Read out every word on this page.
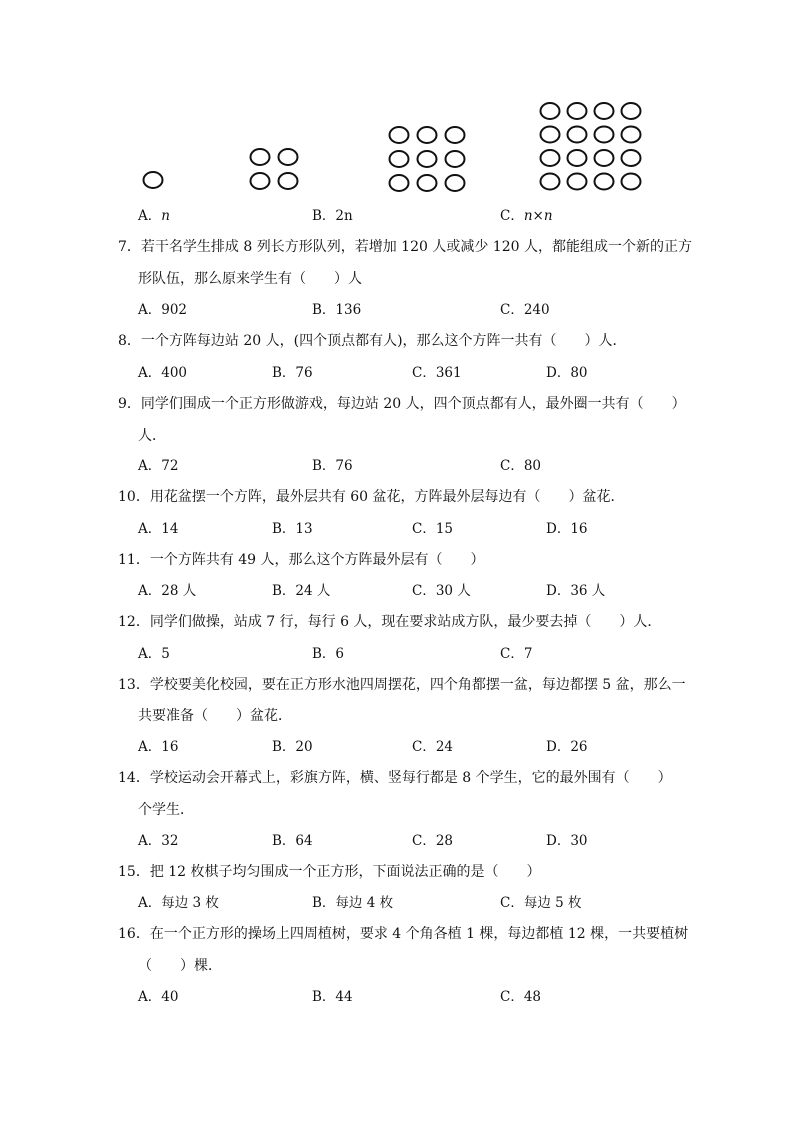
A．n	B．2n	C．n×n
7．若干名学生排成 8 列长方形队列，若增加 120 人或减少 120 人，都能组成一个新的正方
形队伍，那么原来学生有（　　）人
A．902	B．136	C．240
8．一个方阵每边站 20 人，(四个顶点都有人)，那么这个方阵一共有（　　）人．
A．400	B．76	C．361	D．80
9．同学们围成一个正方形做游戏，每边站 20 人，四个顶点都有人，最外圈一共有（　　）
人．
A．72	B．76	C．80
10．用花盆摆一个方阵，最外层共有 60 盆花，方阵最外层每边有（　　）盆花．
A．14	B．13	C．15	D．16
11．一个方阵共有 49 人，那么这个方阵最外层有（　　）
A．28 人	B．24 人	C．30 人	D．36 人
12．同学们做操，站成 7 行，每行 6 人，现在要求站成方队，最少要去掉（　　）人．
A．5	B．6	C．7
13．学校要美化校园，要在正方形水池四周摆花，四个角都摆一盆，每边都摆 5 盆，那么一
共要准备（　　）盆花．
A．16	B．20	C．24	D．26
14．学校运动会开幕式上，彩旗方阵，横、竖每行都是 8 个学生，它的最外围有（　　）
个学生．
A．32	B．64	C．28	D．30
15．把 12 枚棋子均匀围成一个正方形，下面说法正确的是（　　）
A．每边 3 枚	B．每边 4 枚	C．每边 5 枚
16．在一个正方形的操场上四周植树，要求 4 个角各植 1 棵，每边都植 12 棵，一共要植树
（　　）棵．
A．40	B．44	C．48
